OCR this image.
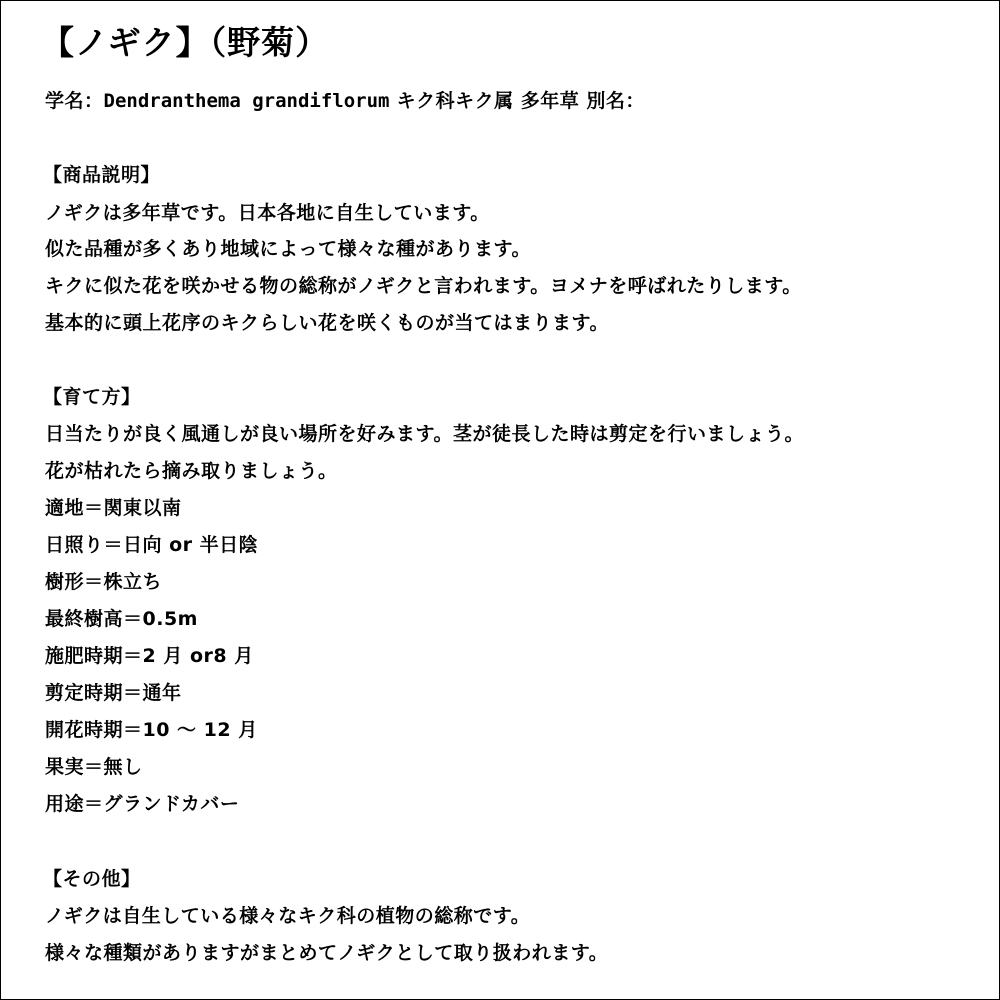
【ノギク】（野菊）

学名：Dendranthema grandiflorum キク科キク属 多年草 別名：

【商品説明】

ノギクは多年草です。日本各地に自生しています。

似た品種が多くあり地域によって様々な種があります。

キクに似た花を咲かせる物の総称がノギクと言われます。ヨメナを呼ばれたりします。

基本的に頭上花序のキクらしい花を咲くものが当てはまります。

【育て方】

日当たりが良く風通しが良い場所を好みます。茎が徒長した時は剪定を行いましょう。

花が枯れたら摘み取りましょう。

適地＝関東以南

日照り＝日向 or 半日陰

樹形＝株立ち

最終樹高＝0.5m

施肥時期＝2 月 or8 月

剪定時期＝通年

開花時期＝10 〜 12 月

果実＝無し

用途＝グランドカバー

【その他】

ノギクは自生している様々なキク科の植物の総称です。

様々な種類がありますがまとめてノギクとして取り扱われます。
